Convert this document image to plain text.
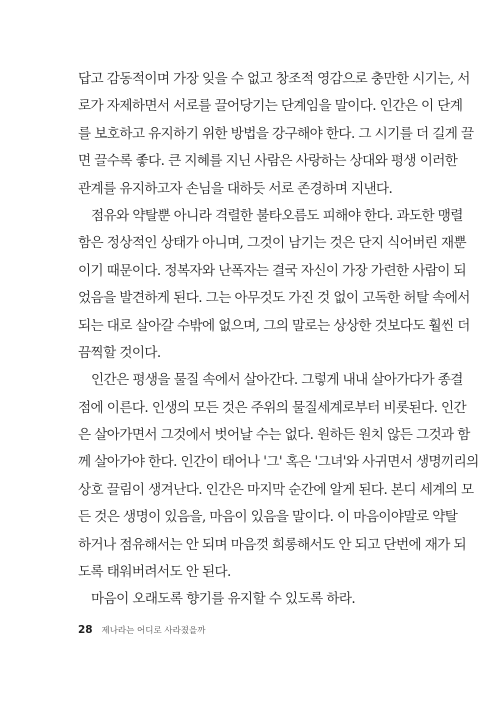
답고 감동적이며 가장 잊을 수 없고 창조적 영감으로 충만한 시기는, 서
로가 자제하면서 서로를 끌어당기는 단계임을 말이다. 인간은 이 단계
를 보호하고 유지하기 위한 방법을 강구해야 한다. 그 시기를 더 길게 끌
면 끌수록 좋다. 큰 지혜를 지닌 사람은 사랑하는 상대와 평생 이러한
관계를 유지하고자 손님을 대하듯 서로 존경하며 지낸다.
점유와 약탈뿐 아니라 격렬한 불타오름도 피해야 한다. 과도한 맹렬
함은 정상적인 상태가 아니며, 그것이 남기는 것은 단지 식어버린 재뿐
이기 때문이다. 정복자와 난폭자는 결국 자신이 가장 가련한 사람이 되
었음을 발견하게 된다. 그는 아무것도 가진 것 없이 고독한 허탈 속에서
되는 대로 살아갈 수밖에 없으며, 그의 말로는 상상한 것보다도 훨씬 더
끔찍할 것이다.
인간은 평생을 물질 속에서 살아간다. 그렇게 내내 살아가다가 종결
점에 이른다. 인생의 모든 것은 주위의 물질세계로부터 비롯된다. 인간
은 살아가면서 그것에서 벗어날 수는 없다. 원하든 원치 않든 그것과 함
께 살아가야 한다. 인간이 태어나 '그' 혹은 '그녀'와 사귀면서 생명끼리의
상호 끌림이 생겨난다. 인간은 마지막 순간에 알게 된다. 본디 세계의 모
든 것은 생명이 있음을, 마음이 있음을 말이다. 이 마음이야말로 약탈
하거나 점유해서는 안 되며 마음껏 희롱해서도 안 되고 단번에 재가 되
도록 태워버려서도 안 된다.
마음이 오래도록 향기를 유지할 수 있도록 하라.
28 제나라는 어디로 사라졌을까
